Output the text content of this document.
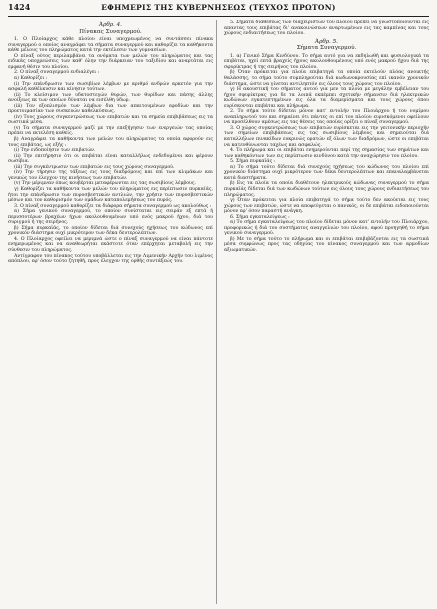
1424	ΕΦΗΜΕΡΙΣ ΤΗΣ ΚΥΒΕΡΝΗΣΕΩΣ (ΤΕΥΧΟΣ ΠΡΩΤΟΝ)
Άρθρ. 4.
Πίνακας Συναγερμού.

1. Ο Πλοίαρχος κάθε πλοίου είναι υποχρεωμένος να συντάσσει πίνακα συναγερμού ο οποίος αναγράφει τα σήματα συναγερμού και καθορίζει τα καθήκοντα κάθε μέλους του πληρώματος κατά την εκτέλεσιν των γυμνασίων.

Ο πίναξ ούτος περιλαμβάνει τα ονόματα των μελών του πληρώματος και τας ειδικάς υποχρεώσεις των καθ' όλην την διάρκειαν του ταξιδίου και αναρτάται εις εμφανή θέσιν του πλοίου.

2. Ο πίναξ συναγερμού ενδιαλέγει :

α) Καθορίζει :

(i) Την επάνδρωσιν των σωσιβίων λέμβων με αριθμό ανδρών αρκετόν για την ασφαλή καθέλκυσιν και κίνησιν τούτων.

(ii) Το κλείσιμον των υδατοστεγών θυρών, των θυρίδων και πάσης άλλης ανοίξεως εκ των οποίων δύναται να εισέλθη ύδωρ.

(iii) Τον εξοπλισμόν των λέμβων δια των απαιτουμένων εφοδίων και την προετοιμασίαν των συσκευών καθελκύσεως.

(iv) Τους χώρους συγκεντρώσεως των επιβατών και τα σημεία επιβιβάσεως εις τα σωστικά μέσα.

(v) Τα σήματα συναγερμού μαζί με την επεξήγησιν των ενεργειών τας οποίας πρέπει να εκτελέση καθείς.

β) Αναγράφει τα καθήκοντα των μελών του πληρώματος τα οποία αφορούν εις τους επιβάτας, ως εξής :

(i) Την ειδοποίησιν των επιβατών.

(ii) Την επιτήρησιν ότι οι επιβάται είναι καταλλήλως ενδεδυμένοι και φέρουν σωσίβια.

(iii) Την συγκέντρωσιν των επιβατών εις τους χώρους συναγερμού.

(iv) Την τήρησιν της τάξεως εις τους διαδρόμους και επί των κλιμάκων και γενικώς τον έλεγχον της κινήσεως των επιβατών.

(v) Την μέριμναν όπως κουβέρται μεταφέρωνται εις τας σωσιβίους λέμβους.

γ) Καθορίζει τα καθήκοντα των μελών του πληρώματος εις περίπτωσιν πυρκαϊάς, ήτοι την επάνδρωσιν των πυροσβεστικών αντλιών, την χρήσιν των πυροσβεστικών μέσων και τον καθορισμόν των ομάδων καταπολεμήσεως του πυρός.

3. Ο πίναξ συναγερμού καθορίζει τα διάφορα σήματα συναγερμού ως ακολούθως :

α) Σήμα γενικού συναγερμού, το οποίον συνίσταται εις σειράν εξ επτά ή περισσοτέρων βραχέων ήχων ακολουθουμένων υπό ενός μακρού ήχου, διά του συριγμού ή της σειρήνος.

β) Σήμα πυρκαϊάς, το οποίον δίδεται διά συνεχούς ηχήσεως του κώδωνος επί χρονικόν διάστημα ουχί μικρότερον των δέκα δευτερολέπτων.

4. Ο Πλοίαρχος οφείλει να μεριμνά ώστε ο πίναξ συναγερμού να είναι πάντοτε ενημερωμένος και να αναθεωρήται εκάστοτε όταν επέρχηται μεταβολή εις την σύνθεσιν του πληρώματος.

Αντίγραφον του πίνακος τούτου υποβάλλεται εις την Λιμενικήν Αρχήν του λιμένος απόπλου, εφ' όσον τούτο ζητηθή, προς έλεγχον της ορθής συντάξεώς του.

5. Σήματα διάθεσεως των διαχειριστών του πλοίου πρέπει να γνωστοποιούνται εις απαντας τους επιβάτας δι' ανακοινώσεων αναρτωμένων εις τας καμπίνας και τους χώρους ενδιαιτήσεως του πλοίου.

Άρθρ. 5.
Σήματα Συναγερμού.

1. α) Γενικό Σήμα Κινδύνου. Το σήμα αυτό για να εκδηλωθή και φυσιολογικά τα επιβάται, ηχεί επτά βραχείς ήχους ακολουθουμένους υπό ενός μακρού ήχου διά της σφυρίκτρας ή της σειρήνος του πλοίου.

β) Όταν πρόκειται για πλοία επιβατηγά τα οποία εκτελούν πλόας ανοικτής θαλάσσης, το σήμα τούτο συμπληρούται διά κωδωνοκρουσίας επί ικανόν χρονικόν διάστημα, ώστε να γίνεται αντιληπτόν εις όλους τους χώρους του πλοίου.

γ) Η ακουστική του σήματος αυτού για μεν τα πλοία με μεγάλην εμβέλειαν του ήχου σφυρίκτρας για δε τα λοιπά εκπέμπει σχετικήν σήμανσιν διά ηλεκτρικών κωδώνων εγκατεστημένων εις όλα τα διαμερίσματα και τους χώρους όπου ευρίσκονται επιβάται και πλήρωμα.

2. Το σήμα τούτο δίδεται μόνον κατ' εντολήν του Πλοιάρχου ή του νομίμου αναπληρωτού του και σημαίνει ότι πάντες οι επί του πλοίου ευρισκόμενοι οφείλουν να προσέλθουν αμέσως εις τας θέσεις τας οποίας ορίζει ο πίναξ συναγερμού.

3. Ο χώρος συγκεντρώσεως των επιβατών ευρίσκεται εις την γειτονικήν περιοχήν των σημείων επιβιβάσεως εις τας σωσιβίους λέμβους και σημειούται διά καταλλήλων πινακίδων ευκρινώς ορατών εξ όλων των διαδρόμων, ώστε οι επιβάται να κατευθύνωνται ταχέως και ασφαλώς.

4. Το πλήρωμα και οι επιβάται ενημερούνται περί της σημασίας των σημάτων και των καθηκόντων των εις περίπτωσιν κινδύνου κατά την αναχώρησιν του πλοίου.

5. Σήμα πυρκαϊάς :

α) Το σήμα τούτο δίδεται διά συνεχούς ηχήσεως του κώδωνος του πλοίου επί χρονικόν διάστημα ουχί μικρότερον των δέκα δευτερολέπτων και επαναλαμβάνεται κατά διαστήματα.

β) Εις τα πλοία τα οποία διαθέτουν ηλεκτρικούς κώδωνας συναγερμού το σήμα πυρκαϊάς δίδεται διά των κωδώνων τούτων εις όλους τους χώρους ενδιαιτήσεως του πληρώματος.

γ) Όταν πρόκειται για πλοία επιβατηγά το σήμα τούτο δεν ακούεται εις τους χώρους των επιβατών, ώστε να αποφεύγεται ο πανικός, οι δε επιβάται ειδοποιούνται μόνον εφ' όσον παραστή ανάγκη.

6. Σήμα εγκαταλείψεως :

α) Το σήμα εγκαταλείψεως του πλοίου δίδεται μόνον κατ' εντολήν του Πλοιάρχου, προφορικώς ή διά του συστήματος αναγγελιών του πλοίου, αφού προηγηθή το σήμα γενικού συναγερμού.

β) Με το σήμα τούτο το πλήρωμα και οι επιβάται επιβιβάζονται εις τα σωστικά μέσα συμφώνως προς τας οδηγίας του πίνακος συναγερμού και των αρμοδίων αξιωματικών.
